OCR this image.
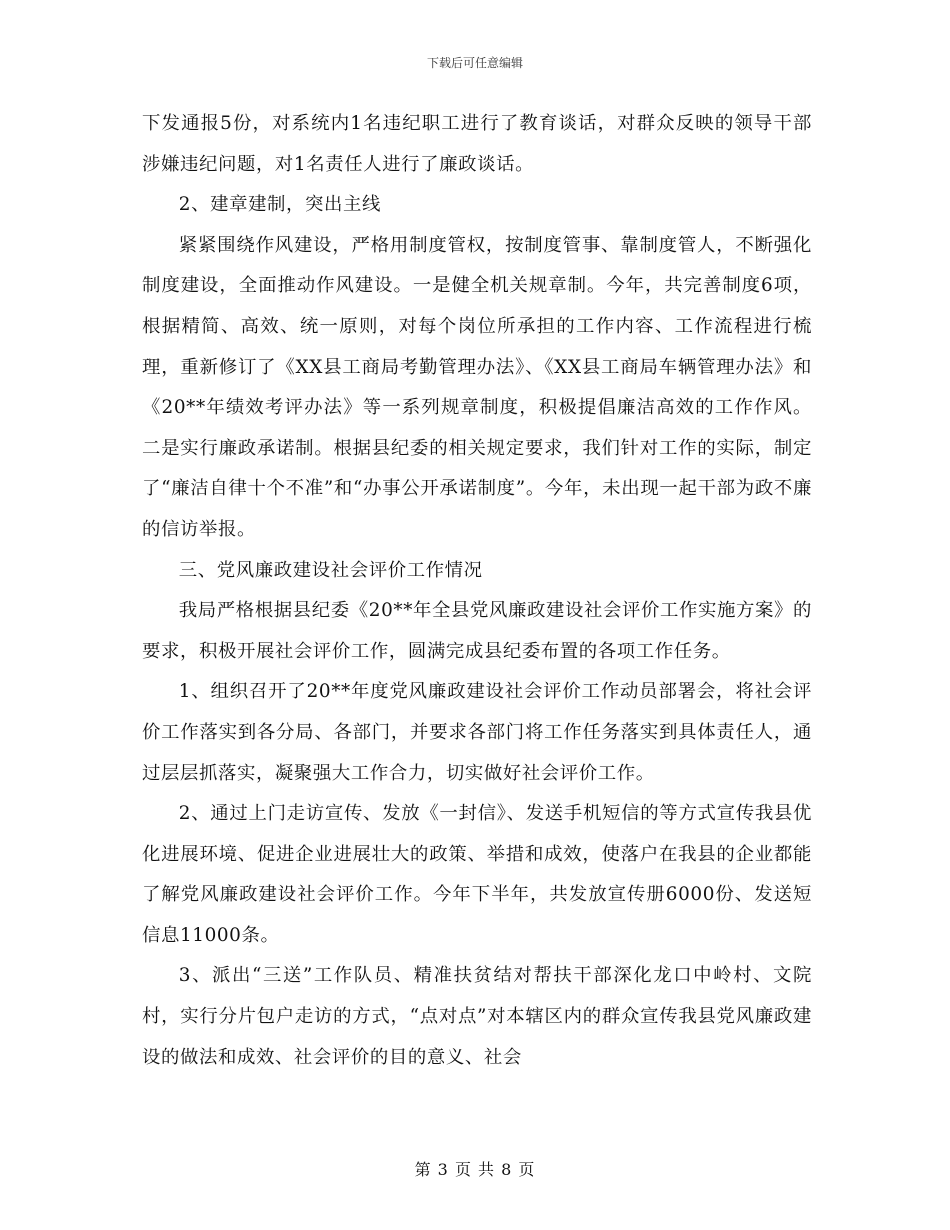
下载后可任意编辑

下发通报5份，对系统内1名违纪职工进行了教育谈话，对群众反映的领导干部涉嫌违纪问题，对1名责任人进行了廉政谈话。

2、建章建制，突出主线

紧紧围绕作风建设，严格用制度管权，按制度管事、靠制度管人，不断强化制度建设，全面推动作风建设。一是健全机关规章制。今年，共完善制度6项，根据精简、高效、统一原则，对每个岗位所承担的工作内容、工作流程进行梳理，重新修订了《XX县工商局考勤管理办法》、《XX县工商局车辆管理办法》和《20**年绩效考评办法》等一系列规章制度，积极提倡廉洁高效的工作作风。二是实行廉政承诺制。根据县纪委的相关规定要求，我们针对工作的实际，制定了“廉洁自律十个不准”和“办事公开承诺制度”。今年，未出现一起干部为政不廉的信访举报。

三、党风廉政建设社会评价工作情况

我局严格根据县纪委《20**年全县党风廉政建设社会评价工作实施方案》的要求，积极开展社会评价工作，圆满完成县纪委布置的各项工作任务。

1、组织召开了20**年度党风廉政建设社会评价工作动员部署会，将社会评价工作落实到各分局、各部门，并要求各部门将工作任务落实到具体责任人，通过层层抓落实，凝聚强大工作合力，切实做好社会评价工作。

2、通过上门走访宣传、发放《一封信》、发送手机短信的等方式宣传我县优化进展环境、促进企业进展壮大的政策、举措和成效，使落户在我县的企业都能了解党风廉政建设社会评价工作。今年下半年，共发放宣传册6000份、发送短信息11000条。

3、派出“三送”工作队员、精准扶贫结对帮扶干部深化龙口中岭村、文院村，实行分片包户走访的方式，“点对点”对本辖区内的群众宣传我县党风廉政建设的做法和成效、社会评价的目的意义、社会

第 3 页 共 8 页
